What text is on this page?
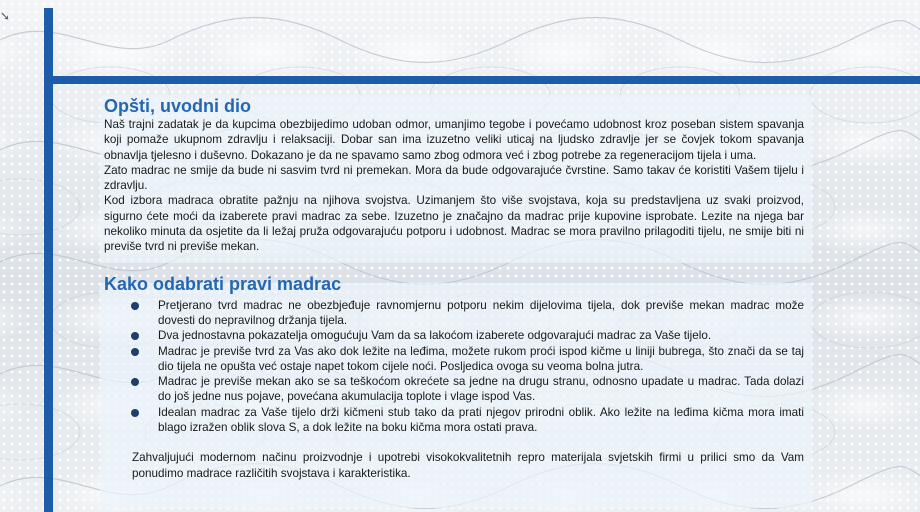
➘
Opšti, uvodni dio

Naš trajni zadatak je da kupcima obezbijedimo udoban odmor, umanjimo tegobe i povećamo udobnost kroz poseban sistem spavanja koji pomaže ukupnom zdravlju i relaksaciji. Dobar san ima izuzetno veliki uticaj na ljudsko zdravlje jer se čovjek tokom spavanja obnavlja tjelesno i duševno. Dokazano je da ne spavamo samo zbog odmora već i zbog potrebe za regeneracijom tijela i uma.

Zato madrac ne smije da bude ni sasvim tvrd ni premekan. Mora da bude odgovarajuće čvrstine. Samo takav će koristiti Vašem tijelu i zdravlju.

Kod izbora madraca obratite pažnju na njihova svojstva. Uzimanjem što više svojstava, koja su predstavljena uz svaki proizvod, sigurno ćete moći da izaberete pravi madrac za sebe. Izuzetno je značajno da madrac prije kupovine isprobate. Lezite na njega bar nekoliko minuta da osjetite da li ležaj pruža odgovarajuću potporu i udobnost. Madrac se mora pravilno prilagoditi tijelu, ne smije biti ni previše tvrd ni previše mekan.

Kako odabrati pravi madrac
Pretjerano tvrd madrac ne obezbjeđuje ravnomjernu potporu nekim dijelovima tijela, dok previše mekan madrac može dovesti do nepravilnog držanja tijela.
Dva jednostavna pokazatelja omogućuju Vam da sa lakoćom izaberete odgovarajući madrac za Vaše tijelo.
Madrac je previše tvrd za Vas ako dok ležite na leđima, možete rukom proći ispod kičme u liniji bubrega, što znači da se taj dio tijela ne opušta već ostaje napet tokom cijele noći. Posljedica ovoga su veoma bolna jutra.
Madrac je previše mekan ako se sa teškoćom okrećete sa jedne na drugu stranu, odnosno upadate u madrac. Tada dolazi do još jedne nus pojave, povećana akumulacija toplote i vlage ispod Vas.
Idealan madrac za Vaše tijelo drži kičmeni stub tako da prati njegov prirodni oblik. Ako ležite na leđima kičma mora imati blago izražen oblik slova S, a dok ležite na boku kičma mora ostati prava.

Zahvaljujući modernom načinu proizvodnje i upotrebi visokokvalitetnih repro materijala svjetskih firmi u prilici smo da Vam ponudimo madrace različitih svojstava i karakteristika.
